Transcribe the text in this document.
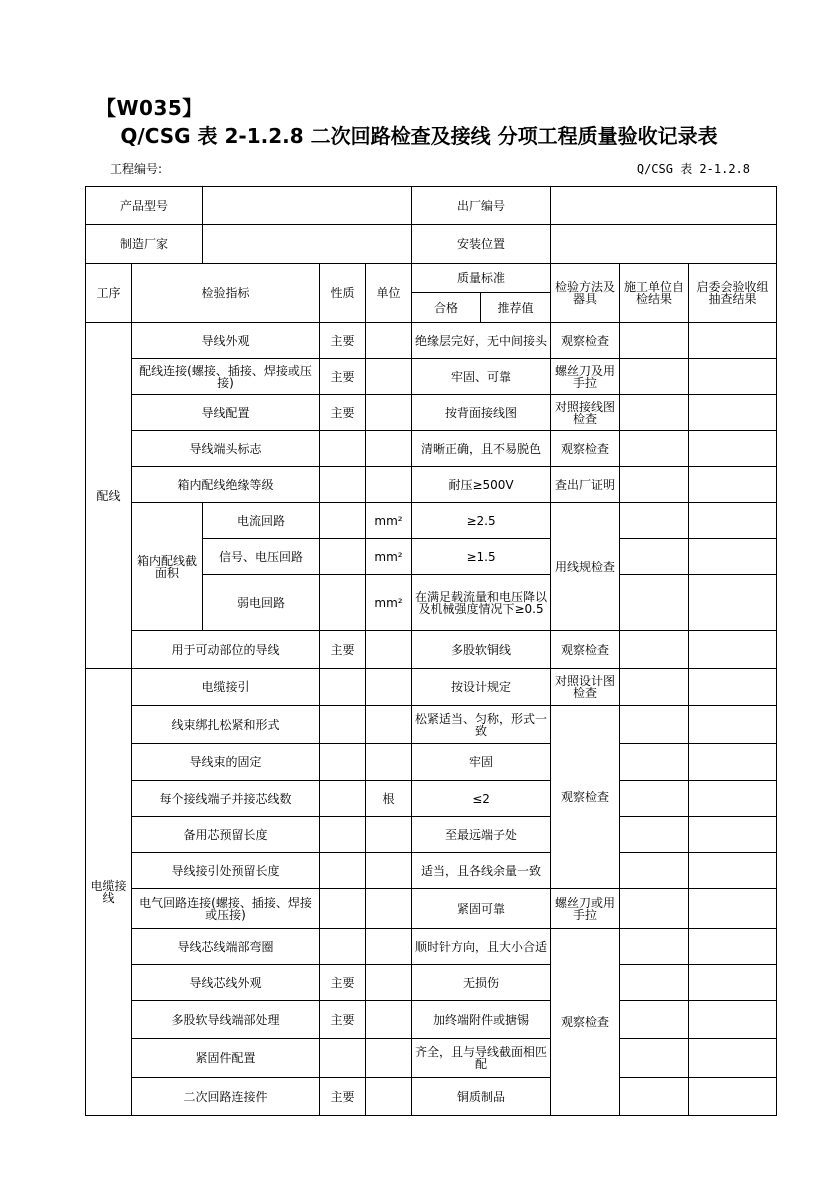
【W035】
Q/CSG 表 2-1.2.8 二次回路检查及接线 分项工程质量验收记录表
工程编号:	Q/CSG 表 2-1.2.8
产品型号					出厂编号				
制造厂家					安装位置				
工序	检验指标		性质	单位	质量标准		检验方法及器具	施工单位自检结果	启委会验收组抽查结果
					合格	推荐值			
配线	导线外观		主要		绝缘层完好，无中间接头		观察检查		
	配线连接(螺接、插接、焊接或压接)		主要		牢固、可靠		螺丝刀及用手拉		
	导线配置		主要		按背面接线图		对照接线图检查		
	导线端头标志				清晰正确，且不易脱色		观察检查		
	箱内配线绝缘等级				耐压≥500V		查出厂证明		
	箱内配线截面积	电流回路		mm²	≥2.5		用线规检查		
		信号、电压回路		mm²	≥1.5				
		弱电回路		mm²	在满足载流量和电压降以及机械强度情况下≥0.5				
	用于可动部位的导线		主要		多股软铜线		观察检查		
电缆接线	电缆接引				按设计规定		对照设计图检查		
	线束绑扎松紧和形式				松紧适当、匀称，形式一致		观察检查		
	导线束的固定				牢固				
	每个接线端子并接芯线数			根	≤2				
	备用芯预留长度				至最远端子处				
	导线接引处预留长度				适当，且各线余量一致				
	电气回路连接(螺接、插接、焊接或压接)				紧固可靠		螺丝刀或用手拉		
	导线芯线端部弯圈				顺时针方向，且大小合适		观察检查		
	导线芯线外观		主要		无损伤				
	多股软导线端部处理		主要		加终端附件或搪锡				
	紧固件配置				齐全，且与导线截面相匹配				
	二次回路连接件		主要		铜质制品				
